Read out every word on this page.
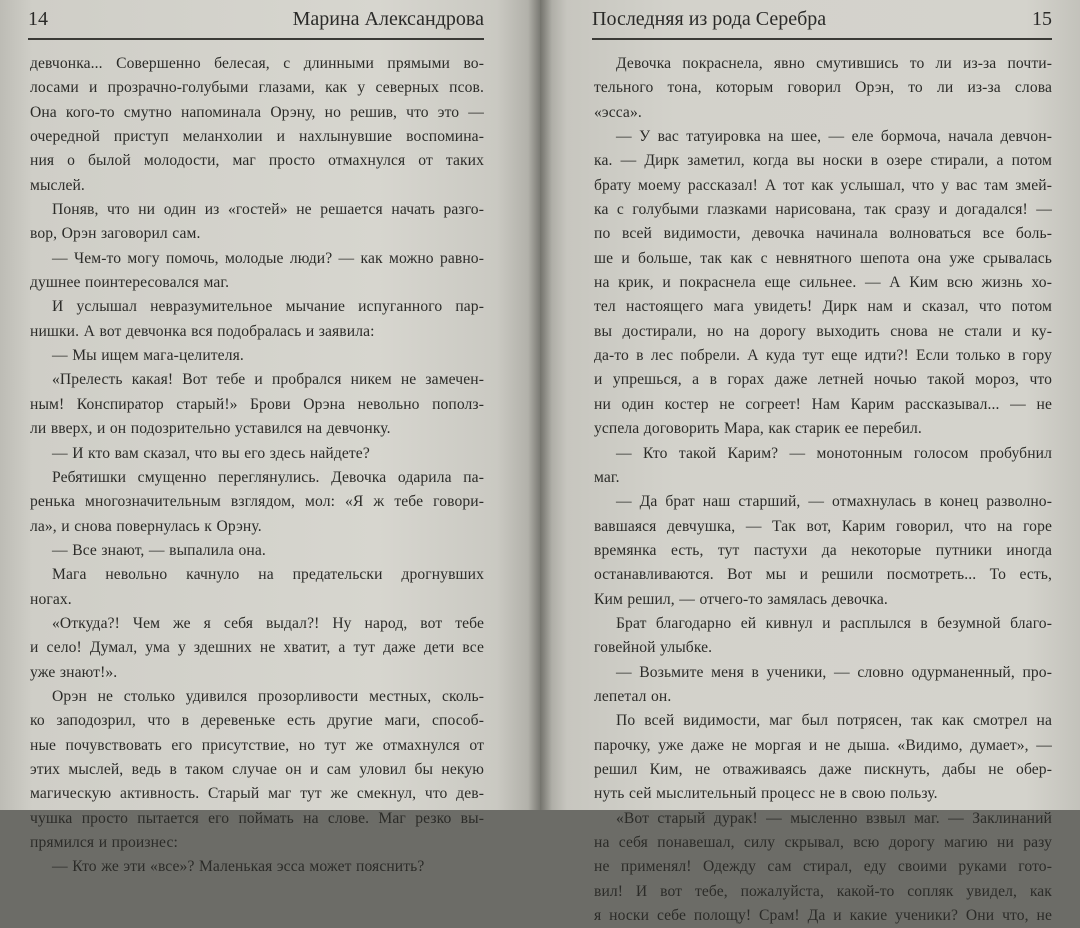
14	Марина Александрова
девчонка... Совершенно белесая, с длинными прямыми во-
лосами и прозрачно-голубыми глазами, как у северных псов.
Она кого-то смутно напоминала Орэну, но решив, что это —
очередной приступ меланхолии и нахлынувшие воспомина-
ния о былой молодости, маг просто отмахнулся от таких
мыслей.
Поняв, что ни один из «гостей» не решается начать разго-
вор, Орэн заговорил сам.
— Чем-то могу помочь, молодые люди? — как можно равно-
душнее поинтересовался маг.
И услышал невразумительное мычание испуганного пар-
нишки. А вот девчонка вся подобралась и заявила:
— Мы ищем мага-целителя.
«Прелесть какая! Вот тебе и пробрался никем не замечен-
ным! Конспиратор старый!» Брови Орэна невольно пополз-
ли вверх, и он подозрительно уставился на девчонку.
— И кто вам сказал, что вы его здесь найдете?
Ребятишки смущенно переглянулись. Девочка одарила па-
ренька многозначительным взглядом, мол: «Я ж тебе говори-
ла», и снова повернулась к Орэну.
— Все знают, — выпалила она.
Мага невольно качнуло на предательски дрогнувших
ногах.
«Откуда?! Чем же я себя выдал?! Ну народ, вот тебе
и село! Думал, ума у здешних не хватит, а тут даже дети все
уже знают!».
Орэн не столько удивился прозорливости местных, сколь-
ко заподозрил, что в деревеньке есть другие маги, способ-
ные почувствовать его присутствие, но тут же отмахнулся от
этих мыслей, ведь в таком случае он и сам уловил бы некую
магическую активность. Старый маг тут же смекнул, что дев-
чушка просто пытается его поймать на слове. Маг резко вы-
прямился и произнес:
— Кто же эти «все»? Маленькая эсса может пояснить?
Последняя из рода Серебра	15
Девочка покраснела, явно смутившись то ли из-за почти-
тельного тона, которым говорил Орэн, то ли из-за слова
«эсса».
— У вас татуировка на шее, — еле бормоча, начала девчон-
ка. — Дирк заметил, когда вы носки в озере стирали, а потом
брату моему рассказал! А тот как услышал, что у вас там змей-
ка с голубыми глазками нарисована, так сразу и догадался! —
по всей видимости, девочка начинала волноваться все боль-
ше и больше, так как с невнятного шепота она уже срывалась
на крик, и покраснела еще сильнее. — А Ким всю жизнь хо-
тел настоящего мага увидеть! Дирк нам и сказал, что потом
вы достирали, но на дорогу выходить снова не стали и ку-
да-то в лес побрели. А куда тут еще идти?! Если только в гору
и упрешься, а в горах даже летней ночью такой мороз, что
ни один костер не согреет! Нам Карим рассказывал... — не
успела договорить Мара, как старик ее перебил.
— Кто такой Карим? — монотонным голосом пробубнил
маг.
— Да брат наш старший, — отмахнулась в конец разволно-
вавшаяся девчушка, — Так вот, Карим говорил, что на горе
времянка есть, тут пастухи да некоторые путники иногда
останавливаются. Вот мы и решили посмотреть... То есть,
Ким решил, — отчего-то замялась девочка.
Брат благодарно ей кивнул и расплылся в безумной благо-
говейной улыбке.
— Возьмите меня в ученики, — словно одурманенный, про-
лепетал он.
По всей видимости, маг был потрясен, так как смотрел на
парочку, уже даже не моргая и не дыша. «Видимо, думает», —
решил Ким, не отваживаясь даже пискнуть, дабы не обер-
нуть сей мыслительный процесс не в свою пользу.
«Вот старый дурак! — мысленно взвыл маг. — Заклинаний
на себя понавешал, силу скрывал, всю дорогу магию ни разу
не применял! Одежду сам стирал, еду своими руками гото-
вил! И вот тебе, пожалуйста, какой-то сопляк увидел, как
я носки себе полощу! Срам! Да и какие ученики? Они что, не
